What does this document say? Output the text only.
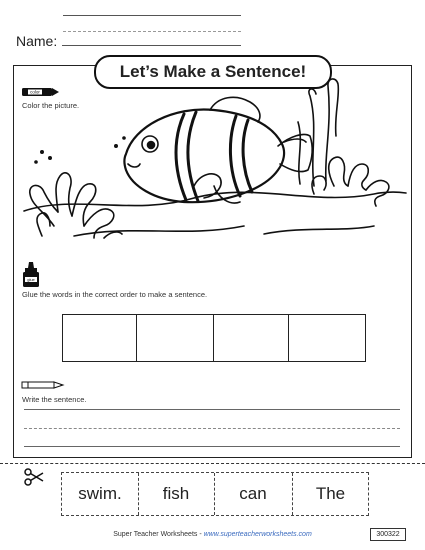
Name:
Let’s Make a Sentence!
color
Color the picture.
glue
Glue the words in the correct order to make a sentence.
Write the sentence.
swim.	fish	can	The
Super Teacher Worksheets - www.superteacherworksheets.com	300322
